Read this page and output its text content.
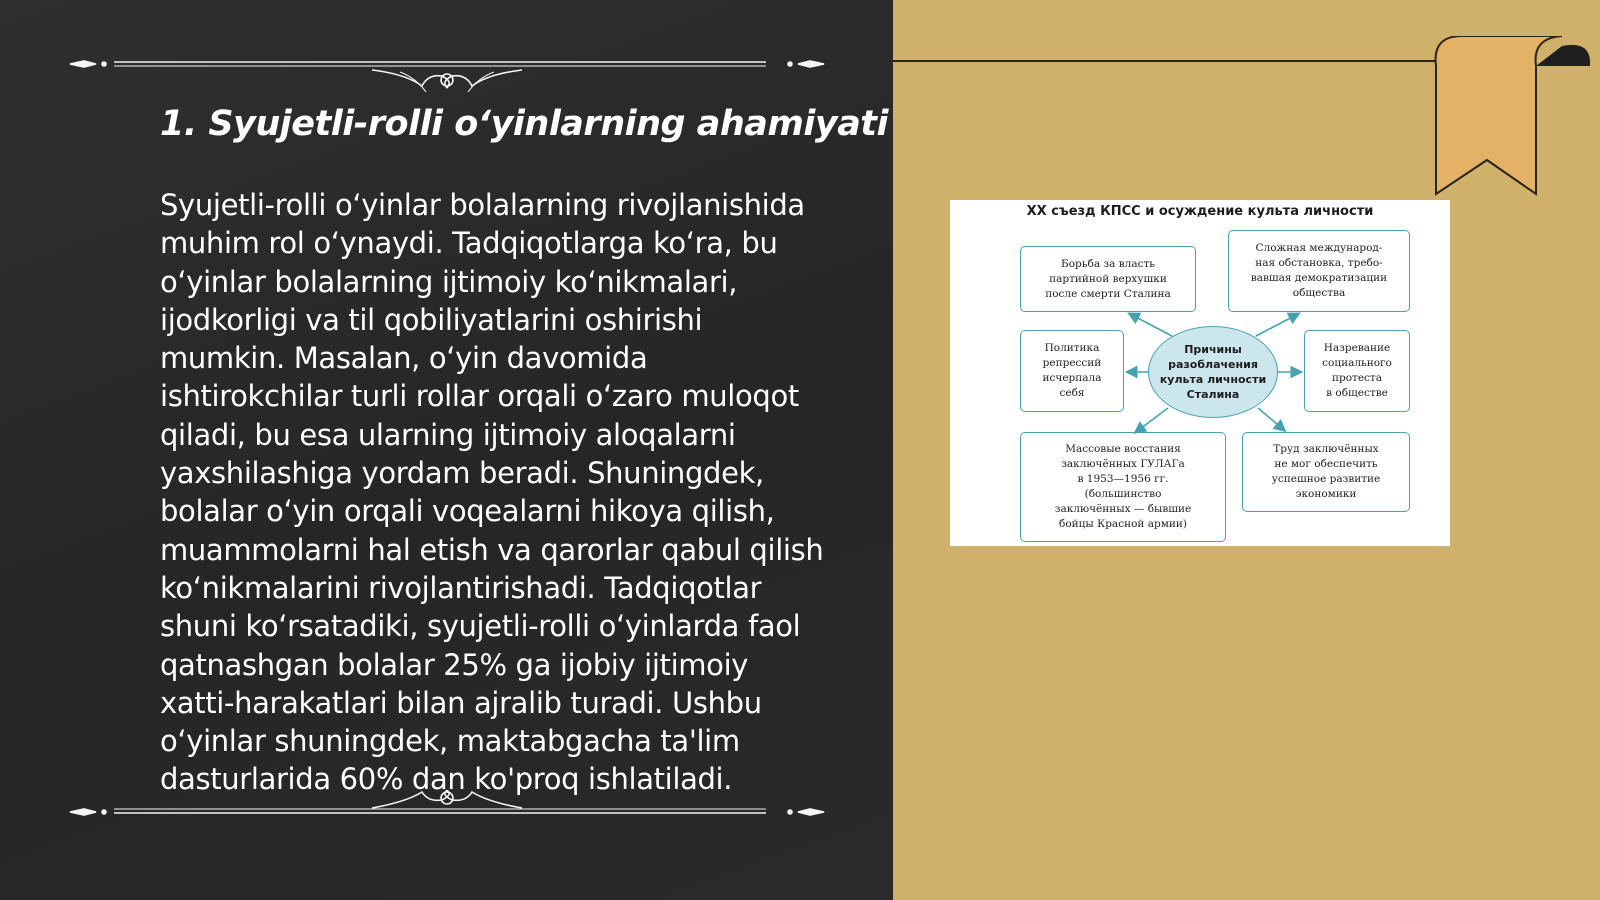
1. Syujetli-rolli o‘yinlarning ahamiyati

Syujetli-rolli o‘yinlar bolalarning rivojlanishida muhim rol o‘ynaydi. Tadqiqotlarga ko‘ra, bu o‘yinlar bolalarning ijtimoiy ko‘nikmalari, ijodkorligi va til qobiliyatlarini oshirishi mumkin. Masalan, o‘yin davomida ishtirokchilar turli rollar orqali o‘zaro muloqot qiladi, bu esa ularning ijtimoiy aloqalarni yaxshilashiga yordam beradi. Shuningdek, bolalar o‘yin orqali voqealarni hikoya qilish, muammolarni hal etish va qarorlar qabul qilish ko‘nikmalarini rivojlantirishadi. Tadqiqotlar shuni ko‘rsatadiki, syujetli-rolli o‘yinlarda faol qatnashgan bolalar 25% ga ijobiy ijtimoiy xatti-harakatlari bilan ajralib turadi. Ushbu o‘yinlar shuningdek, maktabgacha ta'lim dasturlarida 60% dan ko'proq ishlatiladi.

XX съезд КПСС и осуждение культа личности
Борьба за власть
партийной верхушки
после смерти Сталина
Сложная международ-
ная обстановка, требо-
вавшая демократизации
общества
Политика
репрессий
исчерпала
себя
Назревание
социального
протеста
в обществе
Массовые восстания
заключённых ГУЛАГа
в 1953—1956 гг.
(большинство
заключённых — бывшие
бойцы Красной армии)
Труд заключённых
не мог обеспечить
успешное развитие
экономики
Причины
разоблачения
культа личности
Сталина
